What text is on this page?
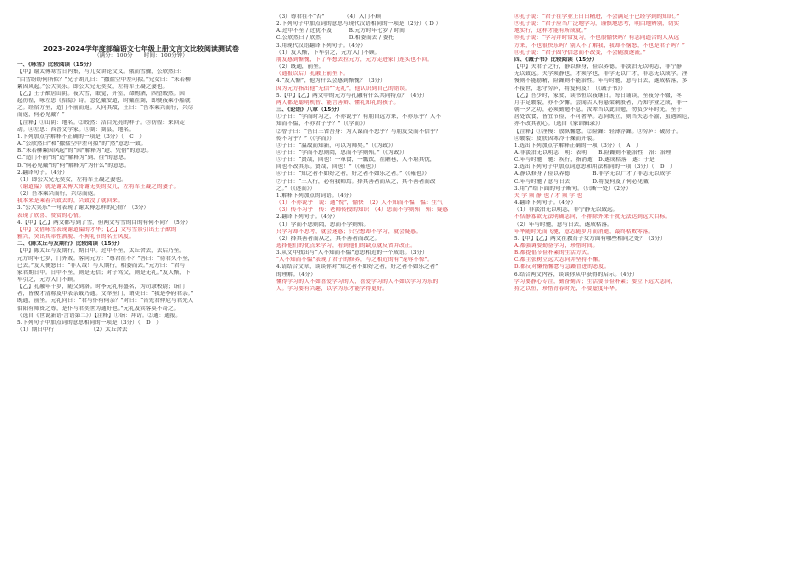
2023-2024学年度部编语文七年级上册文言文比较阅读测试卷
（满分：100分　　时间：100分钟）
一、《咏雪》比较阅读（15分）
【甲】谢太傅寒雪日内集，与儿女讲论文义。俄而雪骤，公欣然曰：
“白雪纷纷何所似？”兄子胡儿曰：“撒盐空中差可拟。”兄女曰：“未若柳
絮因风起。”公大笑乐。即公大兄无奕女，左将军王凝之妻也。
【乙】王子猷居山阴。夜大雪，眠觉，开室，命酌酒，四望皎然。因
起彷徨，咏左思《招隐》诗。忽忆戴安道，时戴在剡，即便夜乘小船就
之。经宿方至，造门不前而返。人问其故，王曰：“吾本乘兴而行，兴尽
而返，何必见戴？”
【注释】①山阴：地名。②皎然：洁白光亮的样子。③彷徨：来回走
动。④左思：西晋文学家。⑤剡：剡县，地名。
1.下列加点字解释不正确的一项是（3分）（　C　）
A.“公欣然曰”和“撒盐空中差可拟”的“然”意思一致。
B.“未若柳絮因风起”的“因”解释为“趁、凭借”的意思。
C.“造门不前”的“造”解释为“到、往”的意思。
D.“何必见戴”的“何”解释为“为什么”的意思。
2.翻译句子。（4分）
（1）即公大兄无奕女，左将军王凝之妻也。
（谢道韫）就是谢太傅大哥谢无奕的女儿，左将军王凝之的妻子。
（2）吾本乘兴而行，兴尽而返。
我本来是乘着兴致去的，兴致没了就回来。
3.“公大笑乐”一句表现了谢太傅怎样的心情？（3分）
表现了欣喜、赞赏的心情。
4.【甲】【乙】两文都写到了雪，但两文写雪的目的有何不同？（5分）
【甲】文借咏雪表现谢道韫的才华；【乙】文写雪景引出王子猷的
雅兴，突出其率性洒脱、不拘礼节的名士风度。
二、《陈太丘与友期行》比较阅读（15分）
【甲】陈太丘与友期行，期日中。过中不至，太丘舍去，去后乃至。
元方时年七岁，门外戏。客问元方：“尊君在不？”答曰：“待君久不至，
已去。”友人便怒曰：“非人哉！与人期行，相委而去。”元方曰：“君与
家君期日中。日中不至，则是无信；对子骂父，则是无礼。”友人惭，下
车引之，元方入门不顾。
【乙】孔融年十岁，随父到洛。时李元礼有盛名，为司隶校尉；诣门
者，皆俊才清称及中表亲戚乃通。文举至门，谓吏曰：“我是李府君亲。”
既通，前坐。元礼问曰：“君与仆有何亲？”对曰：“昔先君仲尼与君先人
伯阳有师资之尊，是仆与君奕世为通好也。”元礼及宾客莫不奇之。
（选自《世说新语·言语第二》）【注释】①诣：拜访。②通：通报。
5.下列句子中加点词的意思相同的一项是（3分）（　D　）
（1）期日中行　　　　　　　（2）太丘舍去
（3）尊君在不“否”　　　　（4）入门不顾
2.下列句子中加点词的意思与现代汉语相同的一项是（2分）（ D ）
A.过中不至 / 过犹不及　　　B.元方时年七岁 / 时间
C.公欣然曰 / 欣然　　　　　D.相委而去 / 委托
3.用现代汉语翻译下列句子。（4分）
（1）友人惭，下车引之，元方入门不顾。
朋友感到惭愧，下了车想去拉元方，元方走进家门连头也不回。
（2）既通，前坐。
（通报以后）孔融上前坐下。
4.“友人惭”，他为什么会感到惭愧？（3分）
因为元方指出他“无信”“无礼”，他认识到自己的错误。
5.【甲】【乙】两文中的元方与孔融有什么共同特点？（4分）
两人都是聪明机智、能言善辩、懂礼知礼的孩子。
三、《论语》八章（15分）
①子曰：“学而时习之，不亦说乎？有朋自远方来，不亦乐乎？人不
知而不愠，不亦君子乎？”（《学而》）
②曾子曰：“吾日三省吾身：为人谋而不忠乎？与朋友交而不信乎？
传不习乎？”（《学而》）
③子曰：“温故而知新，可以为师矣。”（《为政》）
④子曰：“学而不思则罔，思而不学则殆。”（《为政》）
⑤子曰：“贤哉，回也！一箪食，一瓢饮，在陋巷，人不堪其忧，
回也不改其乐。贤哉，回也！”（《雍也》）
⑥子曰：“知之者不如好之者，好之者不如乐之者。”（《雍也》）
⑦子曰：“三人行，必有我师焉。择其善者而从之，其不善者而改
之。”（《述而》）
1.解释下列加点的词语。（4分）
（1）不亦说乎　说：通“悦”，愉快　（2）人不知而不愠　愠：生气
（3）传不习乎　传：老师传授的知识　（4）思而不学则殆　殆：疑惑
2.翻译下列句子。（4分）
（1）学而不思则罔，思而不学则殆。
只学习却不思考，就会迷惑；只空想却不学习，就会疑惑。
（2）择其善者而从之，其不善者而改之。
选择他们的优点来学习，看到他们的缺点就反省并改正。
3.从文中找出与“人不知而不愠”意思相近的一个成语。（3分）
“人不知而不愠”表现了君子的修养，与之相近的有“宠辱不惊”。
4.请结合文章，谈谈你对“知之者不如好之者，好之者不如乐之者”
的理解。（4分）
懂得学习的人不如喜爱学习的人，喜爱学习的人不如以学习为乐的
人。学习要有兴趣，以学为乐才能学得更好。
⑧孔子说：“君子在学业上日日精进，不会满足于已经学到的知识。”
⑨孔子说：“君子应当广泛地学习，谨慎地思考，明白地辨别，切实
地实行，这样才能有所成就。”
⑩孔子说：“学习并时常复习，不也很愉快吗？有志同道合的人从远
方来，不也很快乐吗？别人不了解我，我却不恼怒，不也是君子吗？”
⑪孔子说：“君子固守信念而不改变，不会随波逐流。”
四、《诫子书》比较阅读（15分）
【甲】夫君子之行，静以修身，俭以养德。非淡泊无以明志，非宁静
无以致远。夫学须静也，才须学也，非学无以广才，非志无以成学。淫
慢则不能励精，险躁则不能治性。年与时驰，意与日去，遂成枯落，多
不接世，悲守穷庐，将复何及！（《诫子书》）
【乙】吾少时，家贫，读书恒以夜继日。每日诵读，至夜分不辍，冬
月手足皲裂，亦不少懈。尝闻古人有悬梁刺股者，乃知学业之成，非一
朝一夕之功，必须勤勉不息。汝辈当以此自勉，勿负少年时光。至于
居处饮食，皆宜节俭，不可奢华。志向既立，则当矢志不渝，虽遇困厄，
亦不改其初心。（选自《家训辑录》）
【注释】①淫慢：放纵懈怠。②险躁：轻薄浮躁。③穷庐：破房子。
④皲裂：皮肤因寒冷干燥而开裂。
1.选出下列加点字解释正确的一项（3分）（　A　）
A.非淡泊无以明志　明：表明　　B.险躁则不能治性　治：治理
C.年与时驰　驰：疾行，指消逝　D.遂成枯落　遂：于是
2.选出下列句子中加点词意思和用法相同的一项（3分）（　D　）
A.静以修身 / 俭以养德　　　　B.非学无以广才 / 非志无以成学
C.年与时驰 / 意与日去　　　　D.将复何及 / 何必见戴
3.用“/”给下面的句子断句。（只断一处）（2分）
夫 学 须 静 也 / 才 须 学 也
4.翻译下列句子。（4分）
（1）非淡泊无以明志，非宁静无以致远。
不恬静寡欲无法明确志向，不排除外来干扰无法达到远大目标。
（2）年与时驰，意与日去，遂成枯落。
年华随时光而飞驰，意志随岁月而消逝，最终枯败零落。
5.【甲】【乙】两文在教育子女方面有哪些相同之处？（3分）
A.都强调要勤奋学习，珍惜时间。
B.都提倡节俭朴素的生活方式。
C.都主张树立远大志向并坚持不懈。
D.都反对懒惰懈怠与急躁冒进的态度。
6.结合两文内容，谈谈你从中获得的启示。（4分）
学习要静心专注，勤奋刻苦；生活要节俭朴素；要立下远大志向，
持之以恒，珍惜青春时光，不要虚度年华。
